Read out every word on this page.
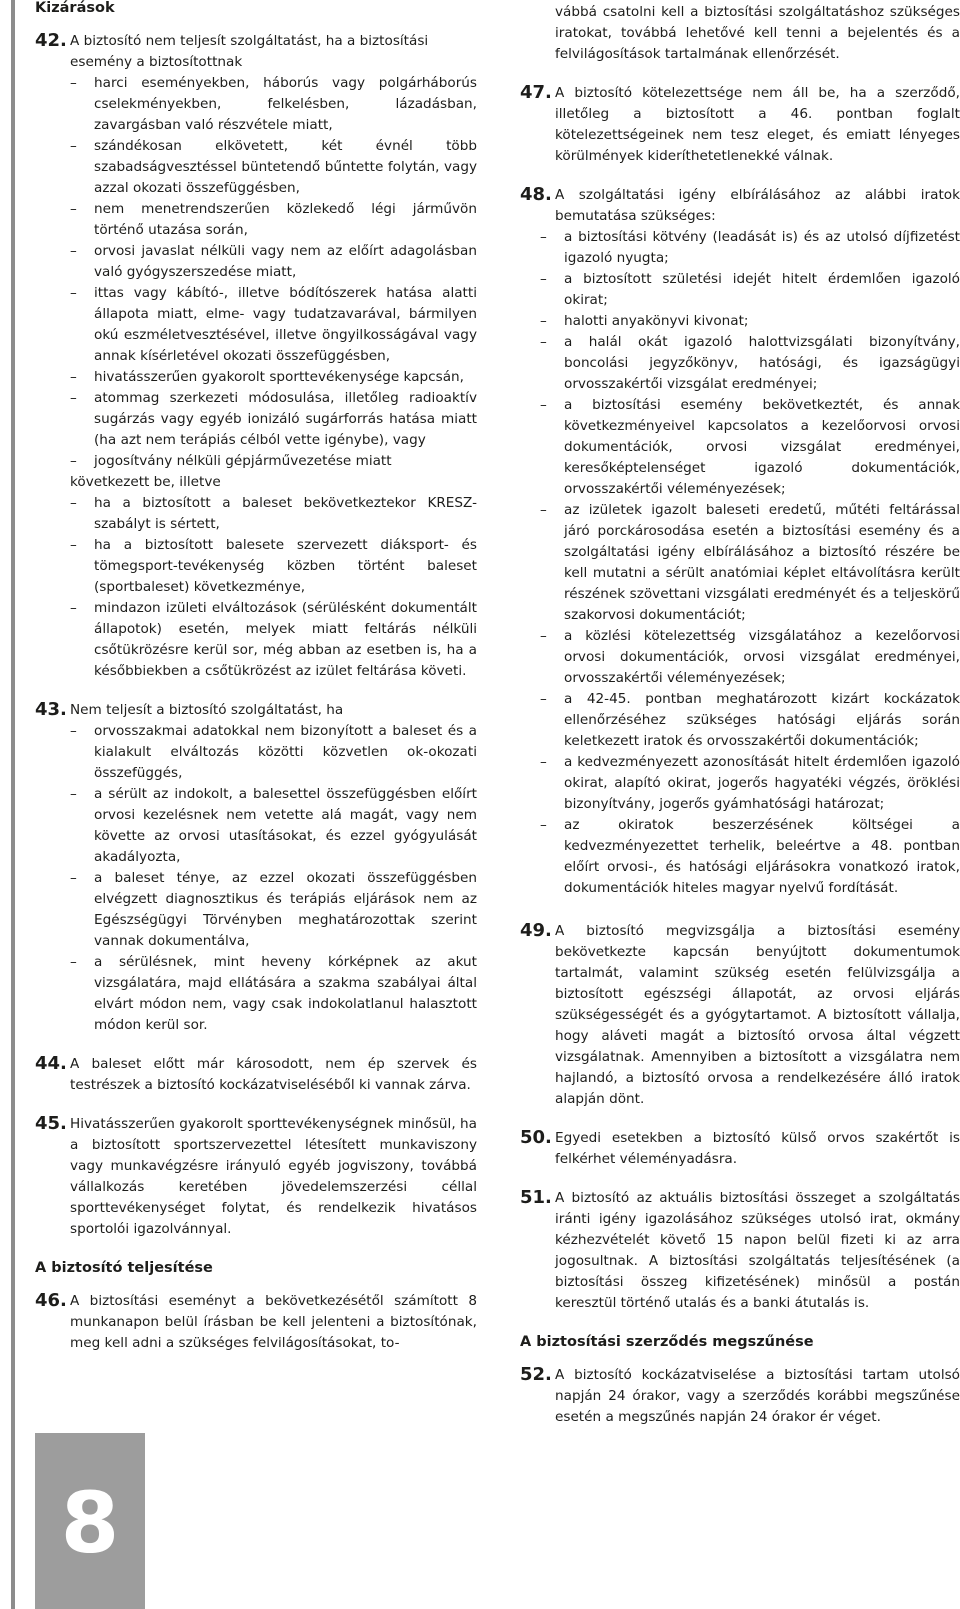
8
Kizárások
42. A biztosító nem teljesít szolgáltatást, ha a biztosítási esemény a biztosítottnak

– harci eseményekben, háborús vagy polgárháborús cselekményekben, felkelésben, lázadásban, zavargásban való részvétele miatt,
– szándékosan elkövetett, két évnél több szabadságvesztéssel büntetendő bűntette folytán, vagy azzal okozati összefüggésben,
– nem menetrendszerűen közlekedő légi járművön történő utazása során,
– orvosi javaslat nélküli vagy nem az előírt adagolásban való gyógyszerszedése miatt,
– ittas vagy kábító-, illetve bódítószerek hatása alatti állapota miatt, elme- vagy tudatzavarával, bármilyen okú eszméletvesztésével, illetve öngyilkosságával vagy annak kísérletével okozati összefüggésben,
– hivatásszerűen gyakorolt sporttevékenysége kapcsán,
– atommag szerkezeti módosulása, illetőleg radioaktív sugárzás vagy egyéb ionizáló sugárforrás hatása miatt (ha azt nem terápiás célból vette igénybe), vagy
– jogosítvány nélküli gépjárművezetése miatt
következett be, illetve
– ha a biztosított a baleset bekövetkeztekor KRESZ-szabályt is sértett,
– ha a biztosított balesete szervezett diáksport- és tömegsport-tevékenység közben történt baleset (sportbaleset) következménye,
– mindazon izületi elváltozások (sérülésként dokumentált állapotok) esetén, melyek miatt feltárás nélküli csőtükrözésre kerül sor, még abban az esetben is, ha a későbbiekben a csőtükrözést az izület feltárása követi.
43. Nem teljesít a biztosító szolgáltatást, ha

– orvosszakmai adatokkal nem bizonyított a baleset és a kialakult elváltozás közötti közvetlen ok-okozati összefüggés,
– a sérült az indokolt, a balesettel összefüggésben előírt orvosi kezelésnek nem vetette alá magát, vagy nem követte az orvosi utasításokat, és ezzel gyógyulását akadályozta,
– a baleset ténye, az ezzel okozati összefüggésben elvégzett diagnosztikus és terápiás eljárások nem az Egészségügyi Törvényben meghatározottak szerint vannak dokumentálva,
– a sérülésnek, mint heveny kórképnek az akut vizsgálatára, majd ellátására a szakma szabályai által elvárt módon nem, vagy csak indokolatlanul halasztott módon kerül sor.
44. A baleset előtt már károsodott, nem ép szervek és testrészek a biztosító kockázatviseléséből ki vannak zárva.

45. Hivatásszerűen gyakorolt sporttevékenységnek minősül, ha a biztosított sportszervezettel létesített munkaviszony vagy munkavégzésre irányuló egyéb jogviszony, továbbá vállalkozás keretében jövedelemszerzési céllal sporttevékenységet folytat, és rendelkezik hivatásos sportolói igazolvánnyal.

A biztosító teljesítése
46. A biztosítási eseményt a bekövetkezésétől számított 8 munkanapon belül írásban be kell jelenteni a biztosítónak, meg kell adni a szükséges felvilágosításokat, to-

vábbá csatolni kell a biztosítási szolgáltatáshoz szükséges iratokat, továbbá lehetővé kell tenni a bejelentés és a felvilágosítások tartalmának ellenőrzését.

47. A biztosító kötelezettsége nem áll be, ha a szerződő, illetőleg a biztosított a 46. pontban foglalt kötelezettségeinek nem tesz eleget, és emiatt lényeges körülmények kideríthetetlenekké válnak.

48. A szolgáltatási igény elbírálásához az alábbi iratok bemutatása szükséges:

– a biztosítási kötvény (leadását is) és az utolsó díjfizetést igazoló nyugta;
– a biztosított születési idejét hitelt érdemlően igazoló okirat;
– halotti anyakönyvi kivonat;
– a halál okát igazoló halottvizsgálati bizonyítvány, boncolási jegyzőkönyv, hatósági, és igazságügyi orvosszakértői vizsgálat eredményei;
– a biztosítási esemény bekövetkeztét, és annak következményeivel kapcsolatos a kezelőorvosi orvosi dokumentációk, orvosi vizsgálat eredményei, keresőképtelenséget igazoló dokumentációk, orvosszakértői véleményezések;
– az izületek igazolt baleseti eredetű, műtéti feltárással járó porckárosodása esetén a biztosítási esemény és a szolgáltatási igény elbírálásához a biztosító részére be kell mutatni a sérült anatómiai képlet eltávolításra került részének szövettani vizsgálati eredményét és a teljeskörű szakorvosi dokumentációt;
– a közlési kötelezettség vizsgálatához a kezelőorvosi orvosi dokumentációk, orvosi vizsgálat eredményei, orvosszakértői véleményezések;
– a 42-45. pontban meghatározott kizárt kockázatok ellenőrzéséhez szükséges hatósági eljárás során keletkezett iratok és orvosszakértői dokumentációk;
– a kedvezményezett azonosítását hitelt érdemlően igazoló okirat, alapító okirat, jogerős hagyatéki végzés, öröklési bizonyítvány, jogerős gyámhatósági határozat;
– az okiratok beszerzésének költségei a kedvezményezettet terhelik, beleértve a 48. pontban előírt orvosi-, és hatósági eljárásokra vonatkozó iratok, dokumentációk hiteles magyar nyelvű fordítását.
49. A biztosító megvizsgálja a biztosítási esemény bekövetkezte kapcsán benyújtott dokumentumok tartalmát, valamint szükség esetén felülvizsgálja a biztosított egészségi állapotát, az orvosi eljárás szükségességét és a gyógytartamot. A biztosított vállalja, hogy aláveti magát a biztosító orvosa által végzett vizsgálatnak. Amennyiben a biztosított a vizsgálatra nem hajlandó, a biztosító orvosa a rendelkezésére álló iratok alapján dönt.

50. Egyedi esetekben a biztosító külső orvos szakértőt is felkérhet véleményadásra.

51. A biztosító az aktuális biztosítási összeget a szolgáltatás iránti igény igazolásához szükséges utolsó irat, okmány kézhezvételét követő 15 napon belül fizeti ki az arra jogosultnak. A biztosítási szolgáltatás teljesítésének (a biztosítási összeg kifizetésének) minősül a postán keresztül történő utalás és a banki átutalás is.

A biztosítási szerződés megszűnése
52. A biztosító kockázatviselése a biztosítási tartam utolsó napján 24 órakor, vagy a szerződés korábbi megszűnése esetén a megszűnés napján 24 órakor ér véget.
